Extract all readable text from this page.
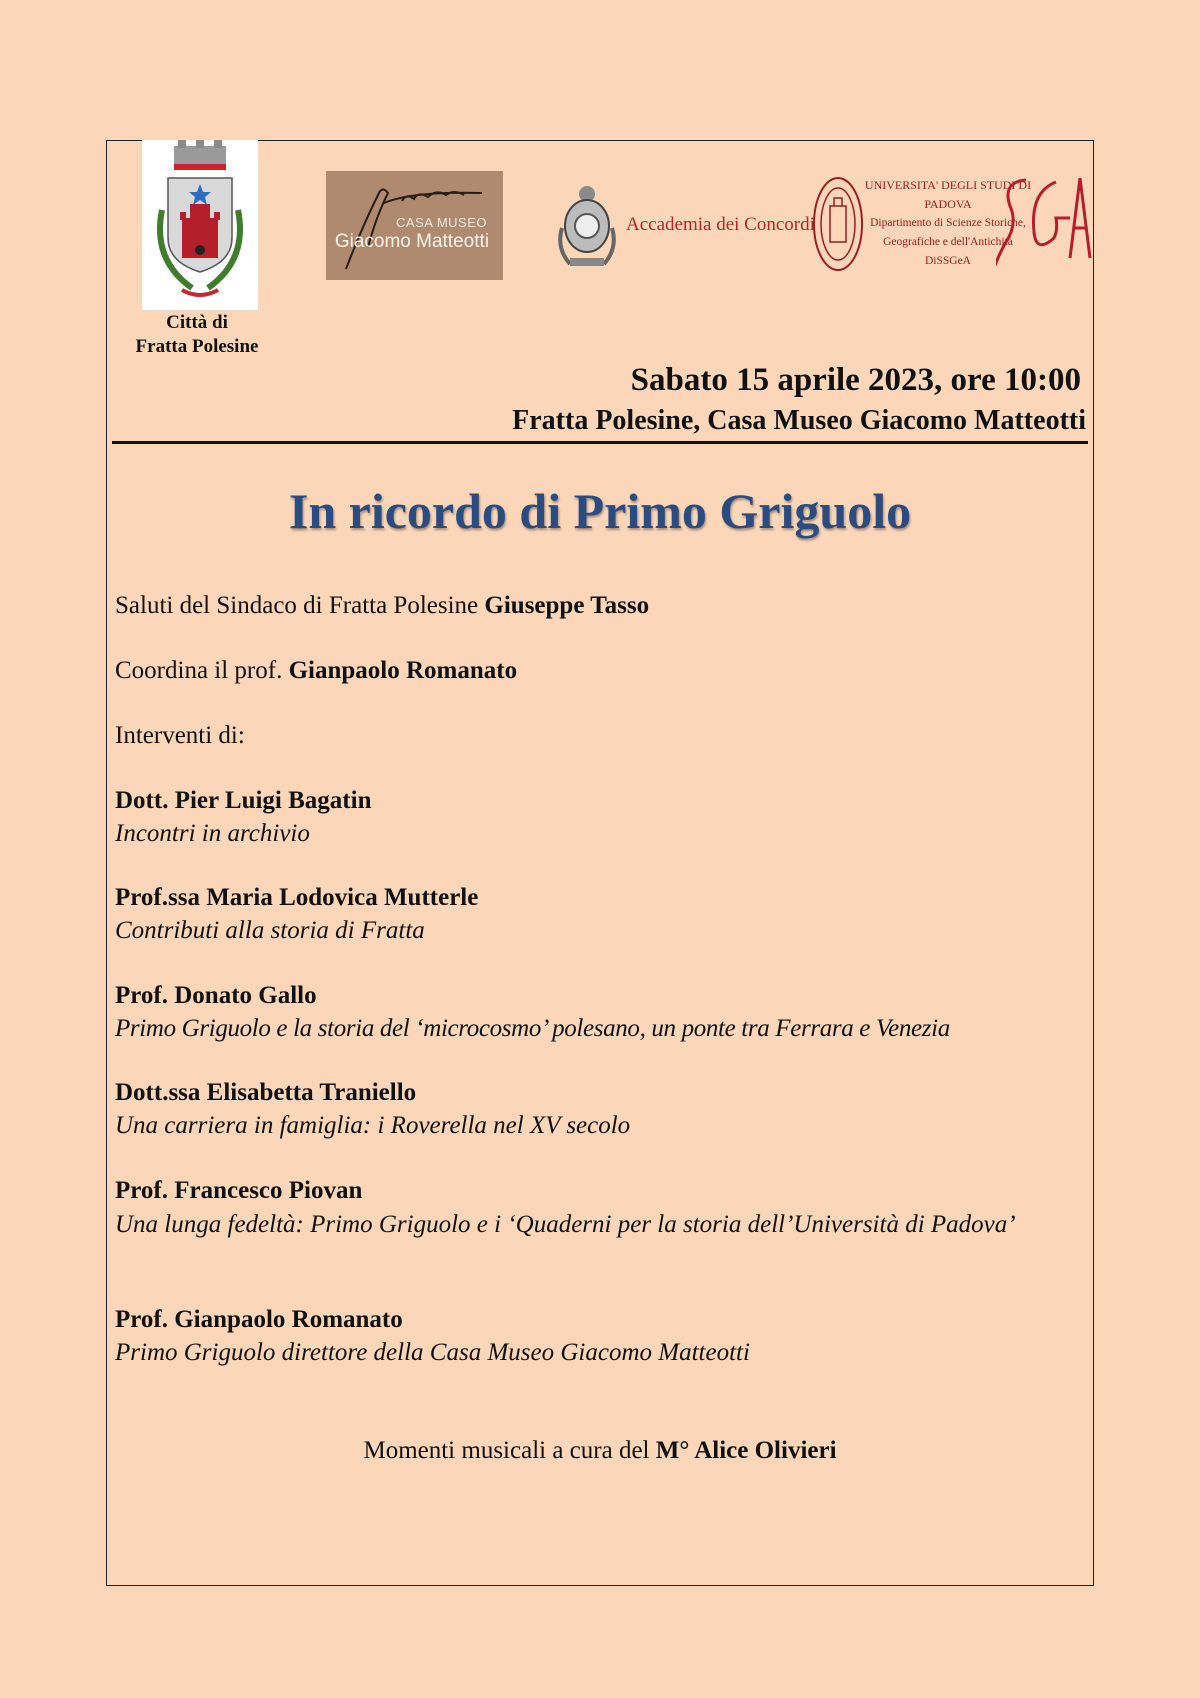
Città di
Fratta Polesine
CASA MUSEO
Giacomo Matteotti
Accademia dei Concordi
UNIVERSITA' DEGLI STUDI DI PADOVA
Dipartimento di Scienze Storiche,
Geografiche e dell'Antichità
DiSSGeA
Sabato 15 aprile 2023, ore 10:00
Fratta Polesine, Casa Museo Giacomo Matteotti
In ricordo di Primo Griguolo
Saluti del Sindaco di Fratta Polesine Giuseppe Tasso
Coordina il prof. Gianpaolo Romanato
Interventi di:
Dott. Pier Luigi Bagatin
Incontri in archivio
Prof.ssa Maria Lodovica Mutterle
Contributi alla storia di Fratta
Prof. Donato Gallo
Primo Griguolo e la storia del ‘microcosmo’ polesano, un ponte tra Ferrara e Venezia
Dott.ssa Elisabetta Traniello
Una carriera in famiglia: i Roverella nel XV secolo
Prof. Francesco Piovan
Una lunga fedeltà: Primo Griguolo e i ‘Quaderni per la storia dell’Università di Padova’
Prof. Gianpaolo Romanato
Primo Griguolo direttore della Casa Museo Giacomo Matteotti
Momenti musicali a cura del M° Alice Olivieri
